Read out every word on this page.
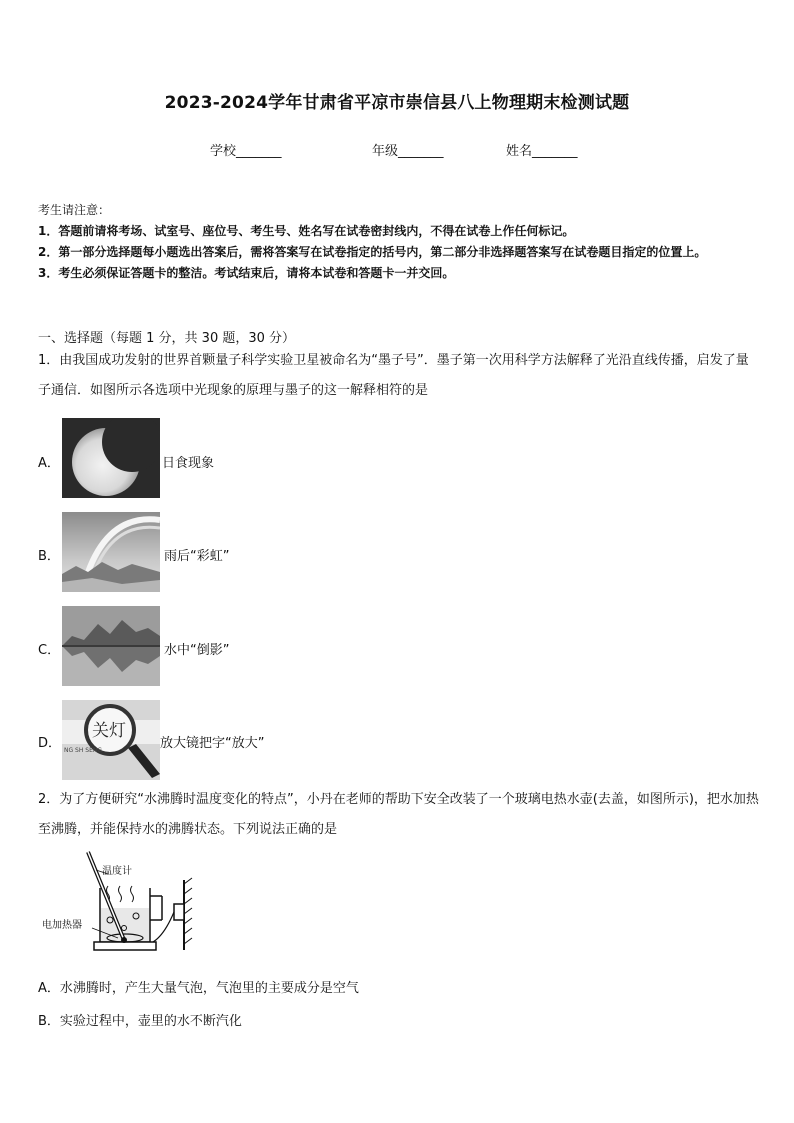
2023-2024学年甘肃省平凉市崇信县八上物理期末检测试题
学校_______	年级_______	姓名_______
考生请注意：
1．答题前请将考场、试室号、座位号、考生号、姓名写在试卷密封线内，不得在试卷上作任何标记。
2．第一部分选择题每小题选出答案后，需将答案写在试卷指定的括号内，第二部分非选择题答案写在试卷题目指定的位置上。
3．考生必须保证答题卡的整洁。考试结束后，请将本试卷和答题卡一并交回。
一、选择题（每题 1 分，共 30 题，30 分）
1．由我国成功发射的世界首颗量子科学实验卫星被命名为“墨子号”．墨子第一次用科学方法解释了光沿直线传播，启发了量子通信．如图所示各选项中光现象的原理与墨子的这一解释相符的是
A．	日食现象
B．	雨后“彩虹”
C．	水中“倒影”
D．
关灯
NG SH SENG	放大镜把字“放大”
2．为了方便研究“水沸腾时温度变化的特点”，小丹在老师的帮助下安全改装了一个玻璃电热水壶(去盖，如图所示)，把水加热至沸腾，并能保持水的沸腾状态。下列说法正确的是
温度计
电加热器
A．水沸腾时，产生大量气泡，气泡里的主要成分是空气
B．实验过程中，壶里的水不断汽化
